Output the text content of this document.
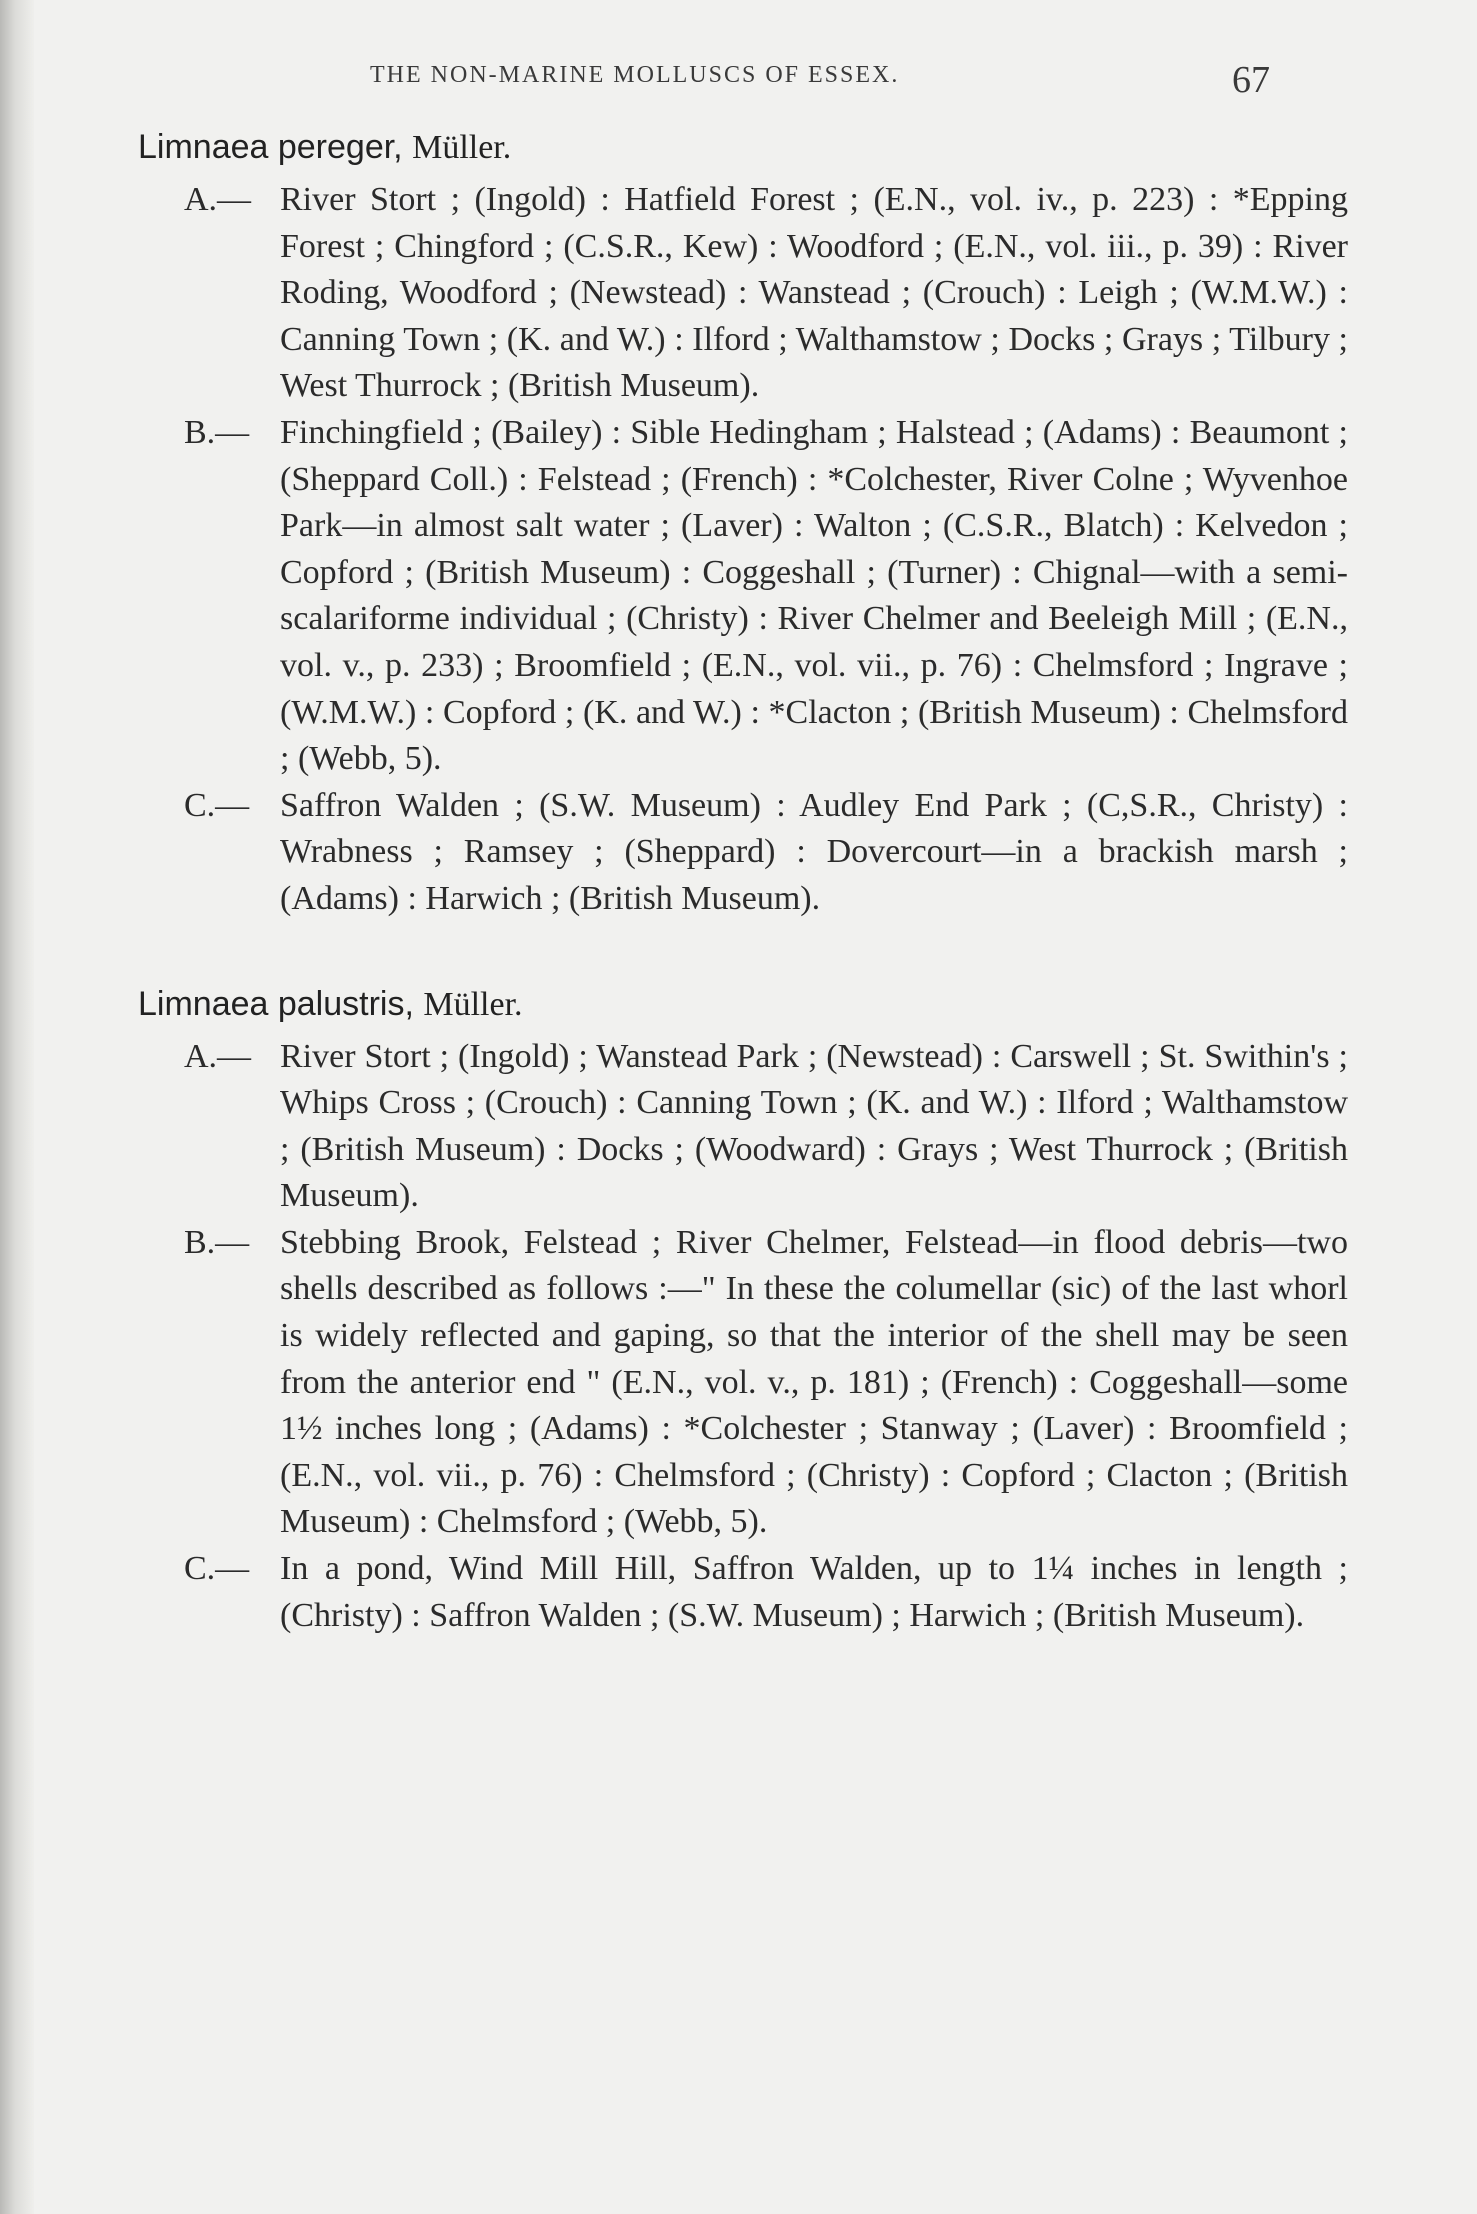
THE NON-MARINE MOLLUSCS OF ESSEX.	67
Limnaea pereger, Müller.

A.— River Stort ; (Ingold) : Hatfield Forest ; (E.N., vol. iv., p. 223) : *Epping Forest ; Chingford ; (C.S.R., Kew) : Woodford ; (E.N., vol. iii., p. 39) : River Roding, Woodford ; (Newstead) : Wanstead ; (Crouch) : Leigh ; (W.M.W.) : Canning Town ; (K. and W.) : Ilford ; Walthamstow ; Docks ; Grays ; Tilbury ; West Thurrock ; (British Museum).

B.— Finchingfield ; (Bailey) : Sible Hedingham ; Halstead ; (Adams) : Beaumont ; (Sheppard Coll.) : Felstead ; (French) : *Colchester, River Colne ; Wyvenhoe Park—in almost salt water ; (Laver) : Walton ; (C.S.R., Blatch) : Kelvedon ; Copford ; (British Museum) : Coggeshall ; (Turner) : Chignal—with a semi-scalariforme individual ; (Christy) : River Chelmer and Beeleigh Mill ; (E.N., vol. v., p. 233) ; Broomfield ; (E.N., vol. vii., p. 76) : Chelmsford ; Ingrave ; (W.M.W.) : Copford ; (K. and W.) : *Clacton ; (British Museum) : Chelmsford ; (Webb, 5).

C.— Saffron Walden ; (S.W. Museum) : Audley End Park ; (C,S.R., Christy) : Wrabness ; Ramsey ; (Sheppard) : Dovercourt—in a brackish marsh ; (Adams) : Harwich ; (British Museum).

Limnaea palustris, Müller.

A.— River Stort ; (Ingold) ; Wanstead Park ; (Newstead) : Carswell ; St. Swithin's ; Whips Cross ; (Crouch) : Canning Town ; (K. and W.) : Ilford ; Walthamstow ; (British Museum) : Docks ; (Woodward) : Grays ; West Thurrock ; (British Museum).

B.— Stebbing Brook, Felstead ; River Chelmer, Felstead—in flood debris—two shells described as follows :—" In these the columellar (sic) of the last whorl is widely reflected and gaping, so that the interior of the shell may be seen from the anterior end " (E.N., vol. v., p. 181) ; (French) : Coggeshall—some 1½ inches long ; (Adams) : *Colchester ; Stanway ; (Laver) : Broomfield ; (E.N., vol. vii., p. 76) : Chelmsford ; (Christy) : Copford ; Clacton ; (British Museum) : Chelmsford ; (Webb, 5).

C.— In a pond, Wind Mill Hill, Saffron Walden, up to 1¼ inches in length ; (Christy) : Saffron Walden ; (S.W. Museum) ; Harwich ; (British Museum).
